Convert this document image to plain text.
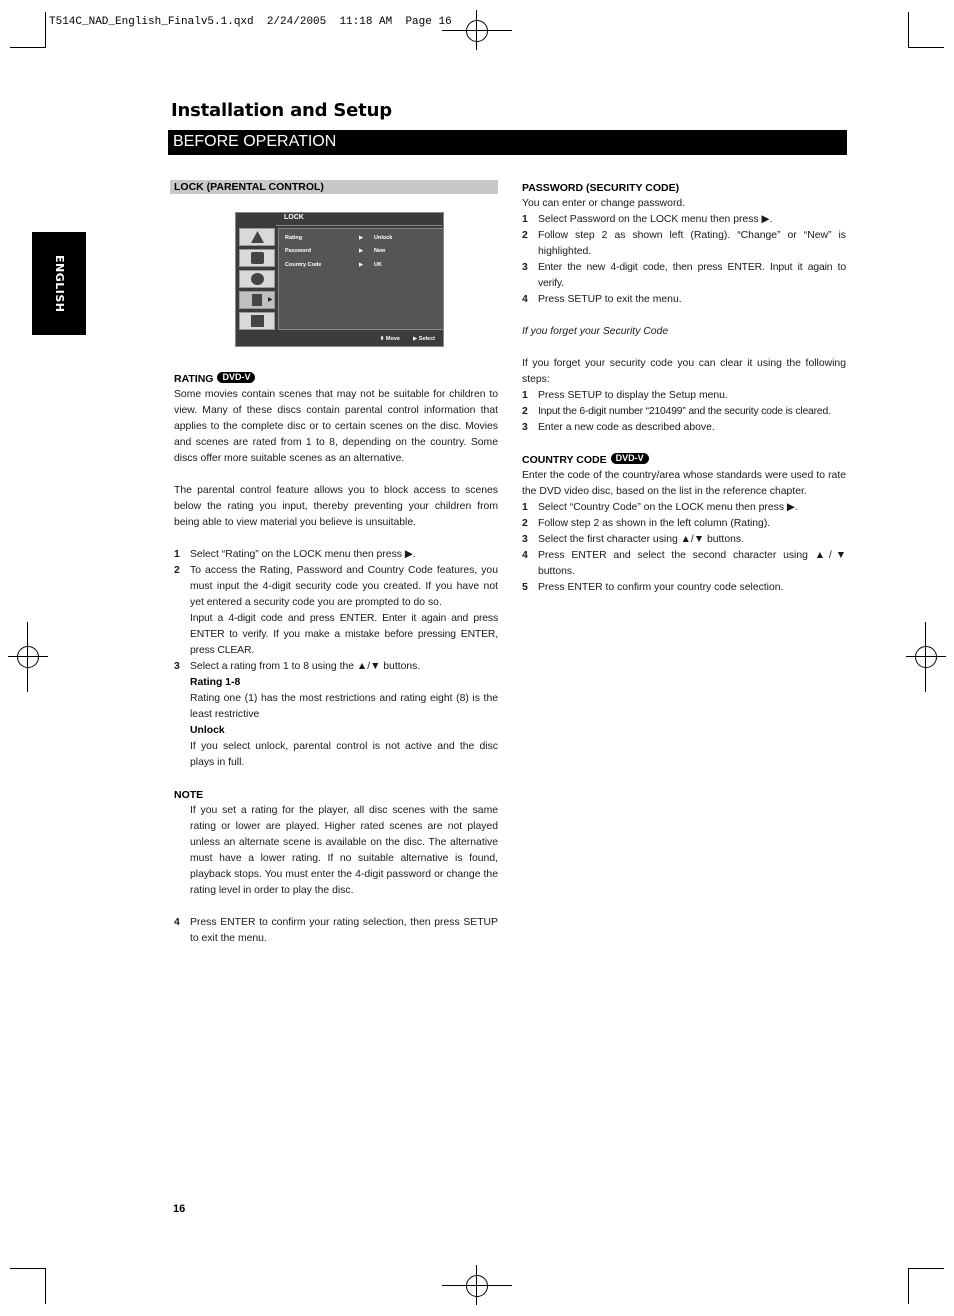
T514C_NAD_English_Finalv5.1.qxd  2/24/2005  11:18 AM  Page 16
Installation and Setup
BEFORE OPERATION
ENGLISH
LOCK (PARENTAL CONTROL)
LOCK
▶
Rating	▶ Unlock
Password	▶ New
Country Code	▶ UK
⬍ Move ▶ Select
RATING DVD-V

Some movies contain scenes that may not be suitable for children to view. Many of these discs contain parental control information that applies to the complete disc or to certain scenes on the disc. Movies and scenes are rated from 1 to 8, depending on the country. Some discs offer more suitable scenes as an alternative.

The parental control feature allows you to block access to scenes below the rating you input, thereby preventing your children from being able to view material you believe is unsuitable.

1 Select “Rating” on the LOCK menu then press ▶.
2 To access the Rating, Password and Country Code features, you must input the 4-digit security code you created. If you have not yet entered a security code you are prompted to do so.
Input a 4-digit code and press ENTER. Enter it again and press ENTER to verify. If you make a mistake before pressing ENTER, press CLEAR.
3 Select a rating from 1 to 8 using the ▲/▼ buttons.
Rating 1-8
Rating one (1) has the most restrictions and rating eight (8) is the least restrictive
Unlock
If you select unlock, parental control is not active and the disc plays in full.
NOTE
If you set a rating for the player, all disc scenes with the same rating or lower are played. Higher rated scenes are not played unless an alternate scene is available on the disc. The alternative must have a lower rating. If no suitable alternative is found, playback stops. You must enter the 4-digit password or change the rating level in order to play the disc.
4 Press ENTER to confirm your rating selection, then press SETUP to exit the menu.
PASSWORD (SECURITY CODE)

You can enter or change password.

1 Select Password on the LOCK menu then press ▶.
2 Follow step 2 as shown left (Rating). “Change” or “New” is highlighted.
3 Enter the new 4-digit code, then press ENTER. Input it again to verify.
4 Press SETUP to exit the menu.
If you forget your Security Code

If you forget your security code you can clear it using the following steps:

1 Press SETUP to display the Setup menu.
2 Input the 6-digit number “210499” and the security code is cleared.
3 Enter a new code as described above.
COUNTRY CODE DVD-V

Enter the code of the country/area whose standards were used to rate the DVD video disc, based on the list in the reference chapter.

1 Select “Country Code” on the LOCK menu then press ▶.
2 Follow step 2 as shown in the left column (Rating).
3 Select the first character using ▲/▼ buttons.
4 Press ENTER and select the second character using ▲/▼ buttons.
5 Press ENTER to confirm your country code selection.
16
